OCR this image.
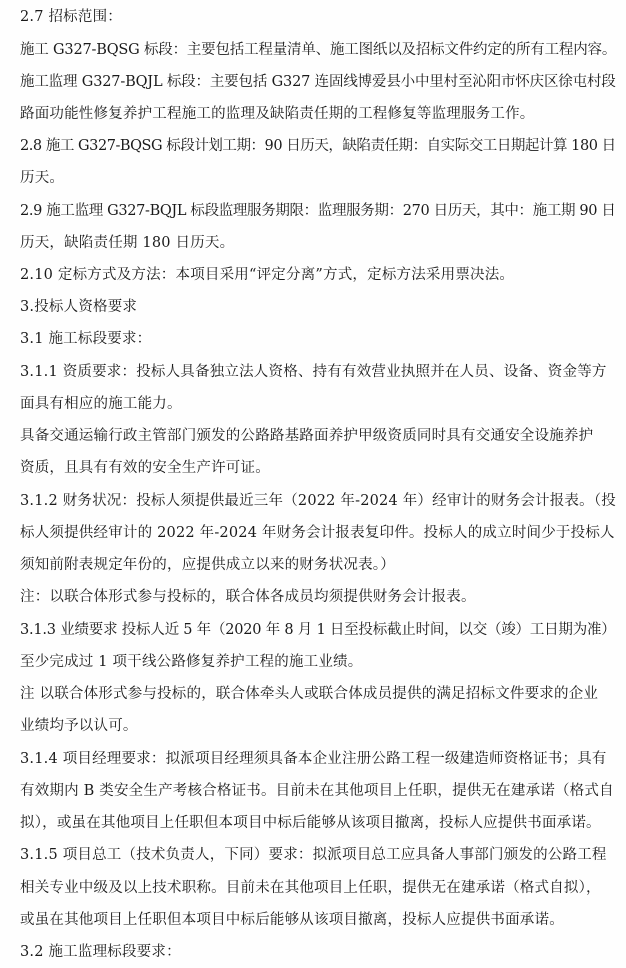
2.7 招标范围：
施工 G327-BQSG 标段：主要包括工程量清单、施工图纸以及招标文件约定的所有工程内容。
施工监理 G327-BQJL 标段：主要包括 G327 连固线博爱县小中里村至沁阳市怀庆区徐屯村段
路面功能性修复养护工程施工的监理及缺陷责任期的工程修复等监理服务工作。
2.8 施工 G327-BQSG 标段计划工期：90 日历天，缺陷责任期：自实际交工日期起计算 180 日
历天。
2.9 施工监理 G327-BQJL 标段监理服务期限：监理服务期：270 日历天，其中：施工期 90 日
历天，缺陷责任期 180 日历天。
2.10 定标方式及方法：本项目采用“评定分离”方式，定标方法采用票决法。
3.投标人资格要求
3.1 施工标段要求：
3.1.1 资质要求：投标人具备独立法人资格、持有有效营业执照并在人员、设备、资金等方
面具有相应的施工能力。
具备交通运输行政主管部门颁发的公路路基路面养护甲级资质同时具有交通安全设施养护
资质，且具有有效的安全生产许可证。
3.1.2 财务状况：投标人须提供最近三年（2022 年-2024 年）经审计的财务会计报表。（投
标人须提供经审计的 2022 年-2024 年财务会计报表复印件。投标人的成立时间少于投标人
须知前附表规定年份的，应提供成立以来的财务状况表。）
注：以联合体形式参与投标的，联合体各成员均须提供财务会计报表。
3.1.3 业绩要求 投标人近 5 年（2020 年 8 月 1 日至投标截止时间，以交（竣）工日期为准）
至少完成过 1 项干线公路修复养护工程的施工业绩。
注 以联合体形式参与投标的，联合体牵头人或联合体成员提供的满足招标文件要求的企业
业绩均予以认可。
3.1.4 项目经理要求：拟派项目经理须具备本企业注册公路工程一级建造师资格证书；具有
有效期内 B 类安全生产考核合格证书。目前未在其他项目上任职，提供无在建承诺（格式自
拟），或虽在其他项目上任职但本项目中标后能够从该项目撤离，投标人应提供书面承诺。
3.1.5 项目总工（技术负责人，下同）要求：拟派项目总工应具备人事部门颁发的公路工程
相关专业中级及以上技术职称。目前未在其他项目上任职，提供无在建承诺（格式自拟），
或虽在其他项目上任职但本项目中标后能够从该项目撤离，投标人应提供书面承诺。
3.2 施工监理标段要求：
